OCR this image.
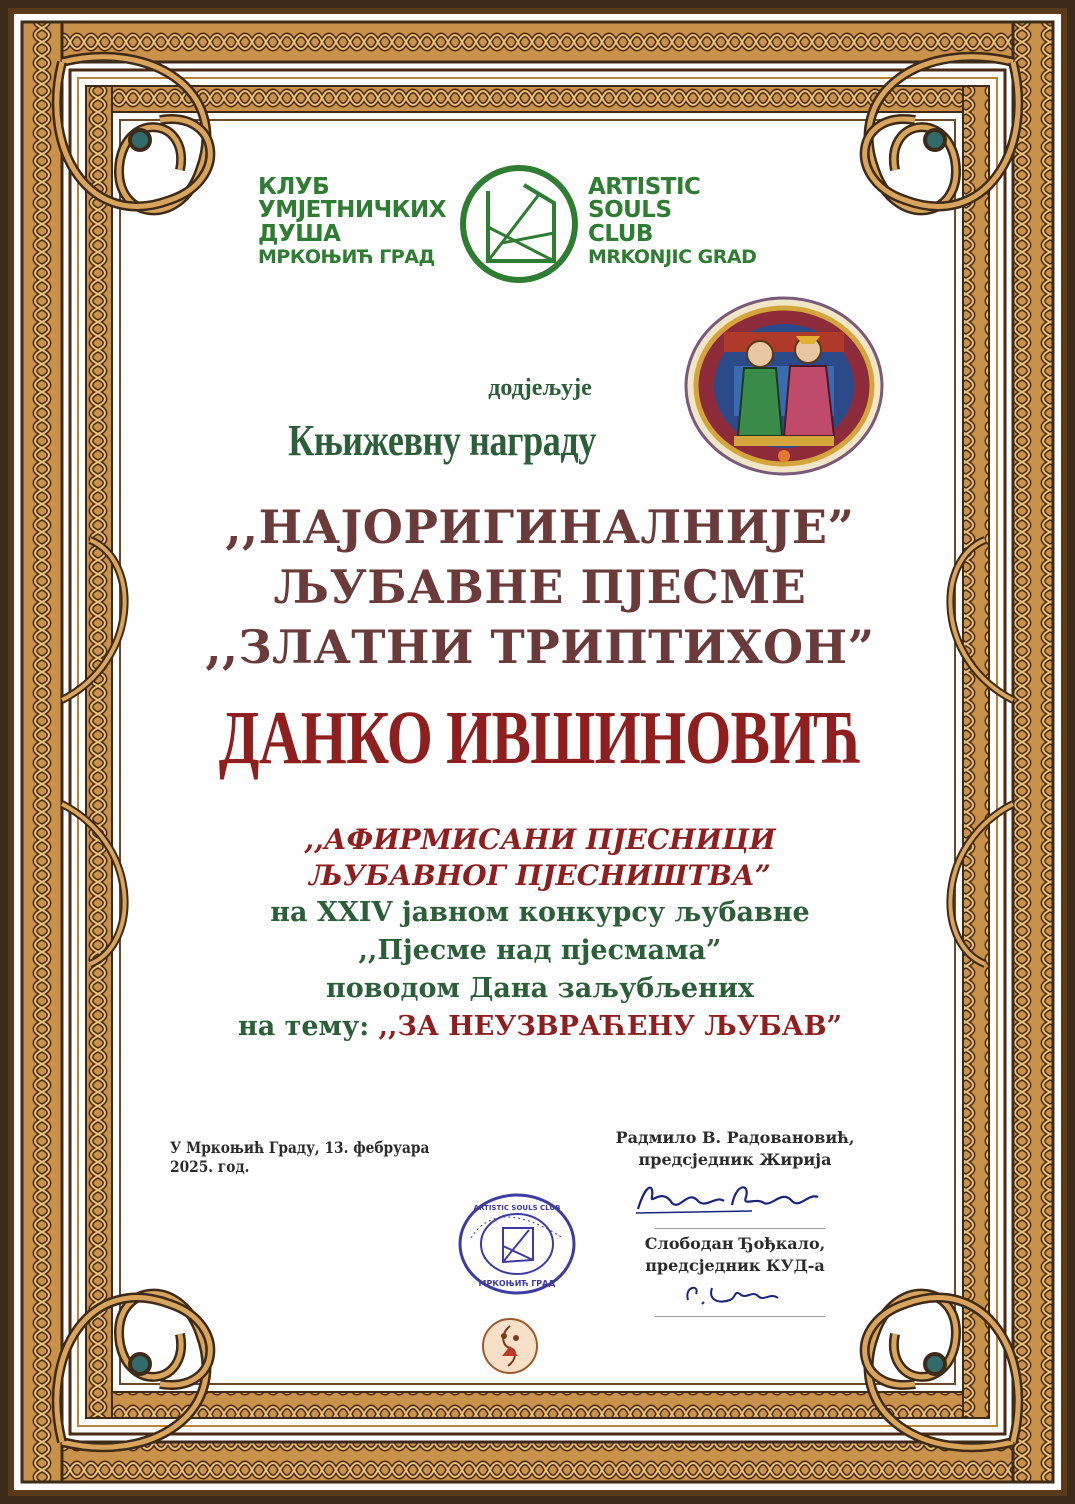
КЛУБ
УМЈЕТНИЧКИХ
ДУША
МРКОЊИЋ ГРАД
ARTISTIC
SOULS
CLUB
MRKONJIC GRAD
додјељује
Књижевну награду
,,НАЈОРИГИНАЛНИЈЕ”
ЉУБАВНЕ ПЈЕСМЕ
,,ЗЛАТНИ ТРИПТИХОН”
ДАНКО ИВШИНОВИЋ
,,АФИРМИСАНИ ПЈЕСНИЦИ
ЉУБАВНОГ ПЈЕСНИШТВА”
на XXIV јавном конкурсу љубавне
,,Пјесме над пјесмама”
поводом Дана заљубљених
на тему: ,,ЗА НЕУЗВРАЋЕНУ ЉУБАВ”
У Мркоњић Граду, 13. фебруара 2025. год.
Радмило В. Радовановић,
предсједник Жирија
Слободан Ђођкало,
предсједник КУД-а
МРКОЊИЋ ГРАД
ARTISTIC SOULS CLUB
